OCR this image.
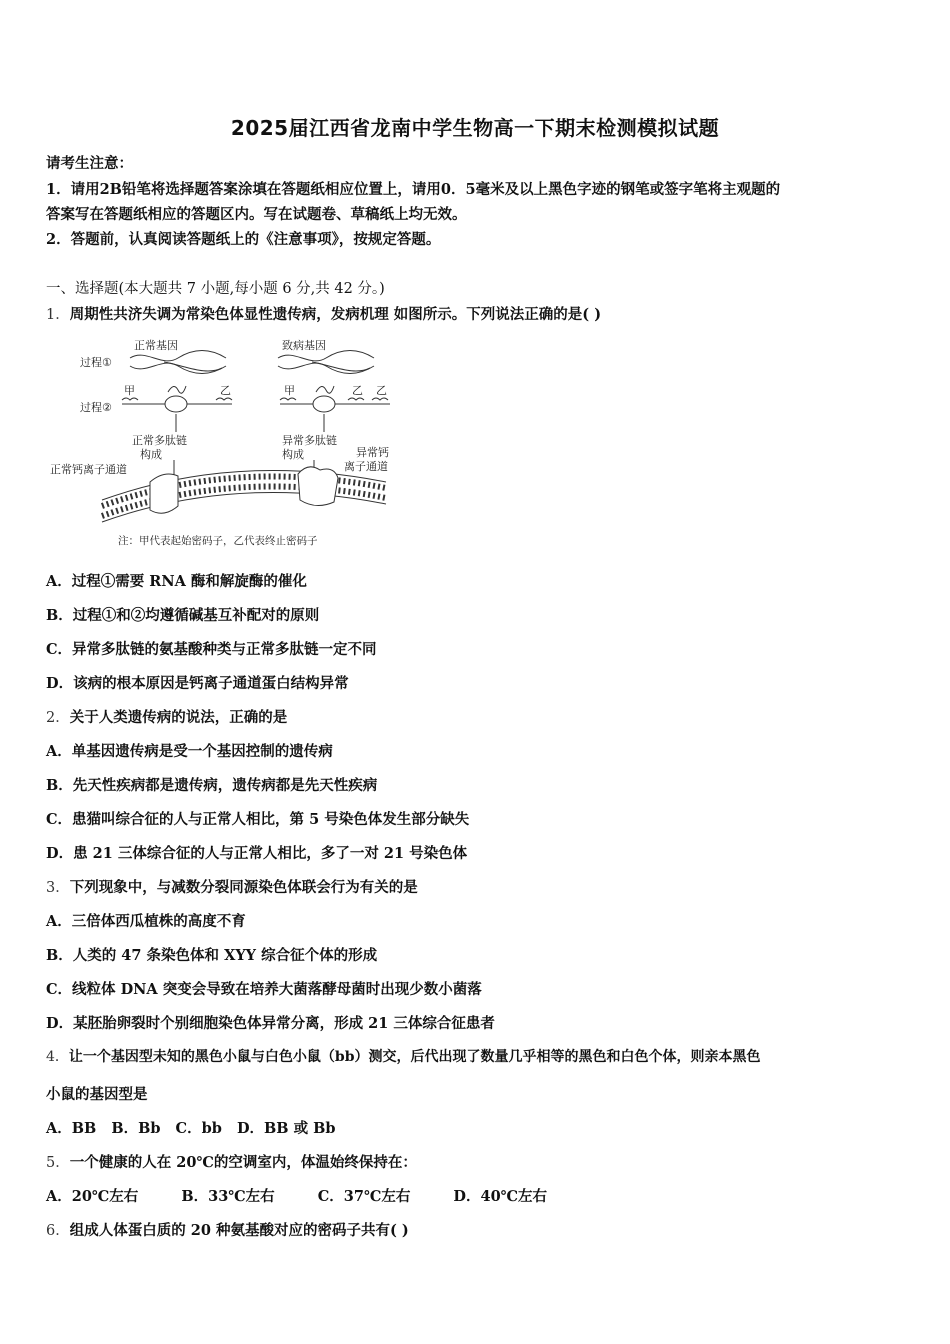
2025届江西省龙南中学生物高一下期末检测模拟试题
请考生注意：
1．请用2B铅笔将选择题答案涂填在答题纸相应位置上，请用0．5毫米及以上黑色字迹的钢笔或签字笔将主观题的
答案写在答题纸相应的答题区内。写在试题卷、草稿纸上均无效。
2．答题前，认真阅读答题纸上的《注意事项》，按规定答题。
一、选择题(本大题共 7 小题,每小题 6 分,共 42 分。)
1．周期性共济失调为常染色体显性遗传病，发病机理 如图所示。下列说法正确的是( )
过程①
过程②
正常基因	致病基因
甲	乙	甲	乙 乙
正常多肽链
构成
异常多肽链
构成
正常钙离子通道
异常钙
离子通道
注：甲代表起始密码子，乙代表终止密码子
A．过程①需要 RNA 酶和解旋酶的催化
B．过程①和②均遵循碱基互补配对的原则
C．异常多肽链的氨基酸种类与正常多肽链一定不同
D．该病的根本原因是钙离子通道蛋白结构异常
2．关于人类遗传病的说法，正确的是
A．单基因遗传病是受一个基因控制的遗传病
B．先天性疾病都是遗传病，遗传病都是先天性疾病
C．患猫叫综合征的人与正常人相比，第 5 号染色体发生部分缺失
D．患 21 三体综合征的人与正常人相比，多了一对 21 号染色体
3．下列现象中，与减数分裂同源染色体联会行为有关的是
A．三倍体西瓜植株的高度不育
B．人类的 47 条染色体和 XYY 综合征个体的形成
C．线粒体 DNA 突变会导致在培养大菌落酵母菌时出现少数小菌落
D．某胚胎卵裂时个别细胞染色体异常分离，形成 21 三体综合征患者
4．让一个基因型未知的黑色小鼠与白色小鼠（bb）测交，后代出现了数量几乎相等的黑色和白色个体，则亲本黑色
小鼠的基因型是
A．BB B．Bb C．bb D．BB 或 Bb
5．一个健康的人在 20℃的空调室内，体温始终保持在：
A．20℃左右	B．33℃左右	C．37℃左右	D．40℃左右
6．组成人体蛋白质的 20 种氨基酸对应的密码子共有( )
